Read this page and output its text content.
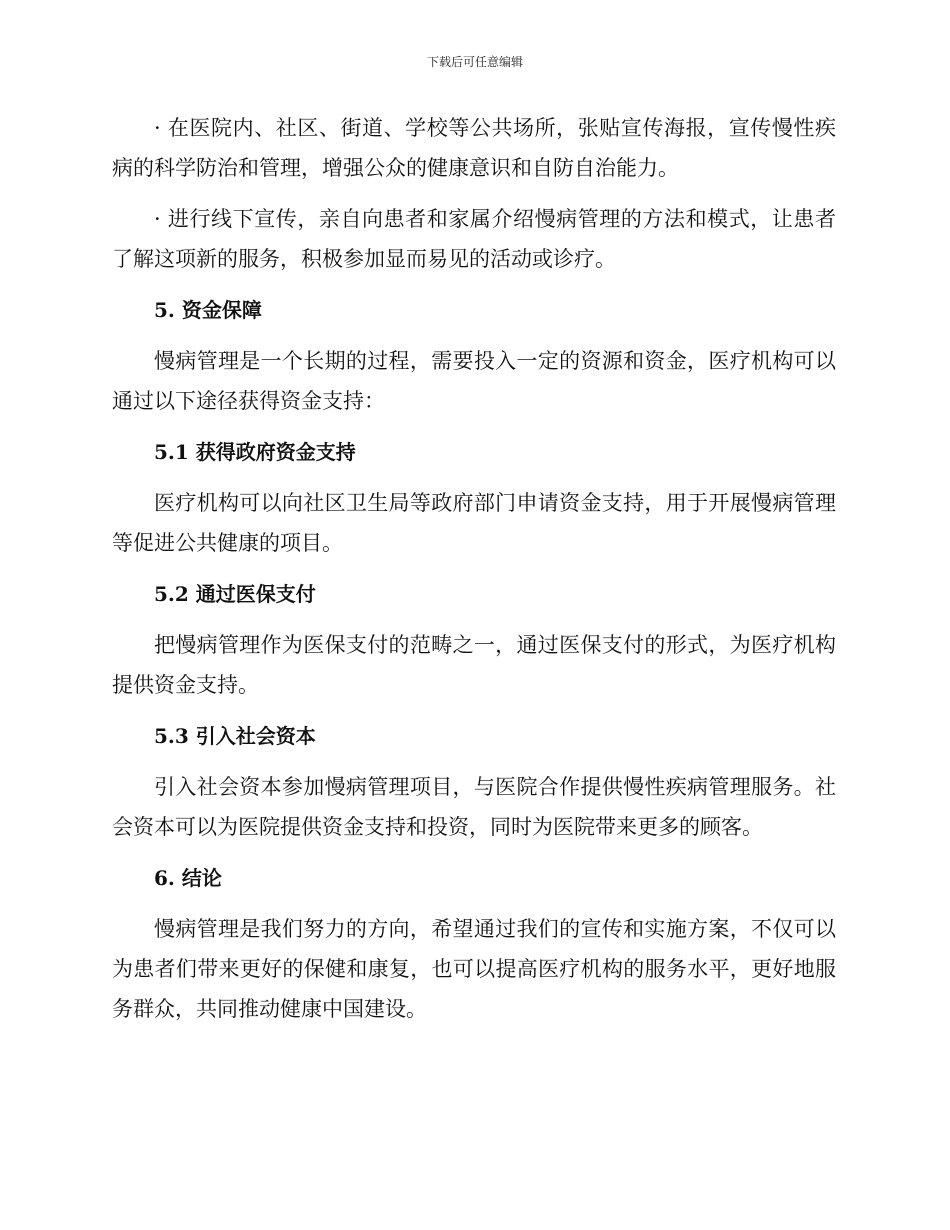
下载后可任意编辑

· 在医院内、社区、街道、学校等公共场所，张贴宣传海报，宣传慢性疾病的科学防治和管理，增强公众的健康意识和自防自治能力。

· 进行线下宣传，亲自向患者和家属介绍慢病管理的方法和模式，让患者了解这项新的服务，积极参加显而易见的活动或诊疗。

5. 资金保障

慢病管理是一个长期的过程，需要投入一定的资源和资金，医疗机构可以通过以下途径获得资金支持：

5.1 获得政府资金支持

医疗机构可以向社区卫生局等政府部门申请资金支持，用于开展慢病管理等促进公共健康的项目。

5.2 通过医保支付

把慢病管理作为医保支付的范畴之一，通过医保支付的形式，为医疗机构提供资金支持。

5.3 引入社会资本

引入社会资本参加慢病管理项目，与医院合作提供慢性疾病管理服务。社会资本可以为医院提供资金支持和投资，同时为医院带来更多的顾客。

6. 结论

慢病管理是我们努力的方向，希望通过我们的宣传和实施方案，不仅可以为患者们带来更好的保健和康复，也可以提高医疗机构的服务水平，更好地服务群众，共同推动健康中国建设。
